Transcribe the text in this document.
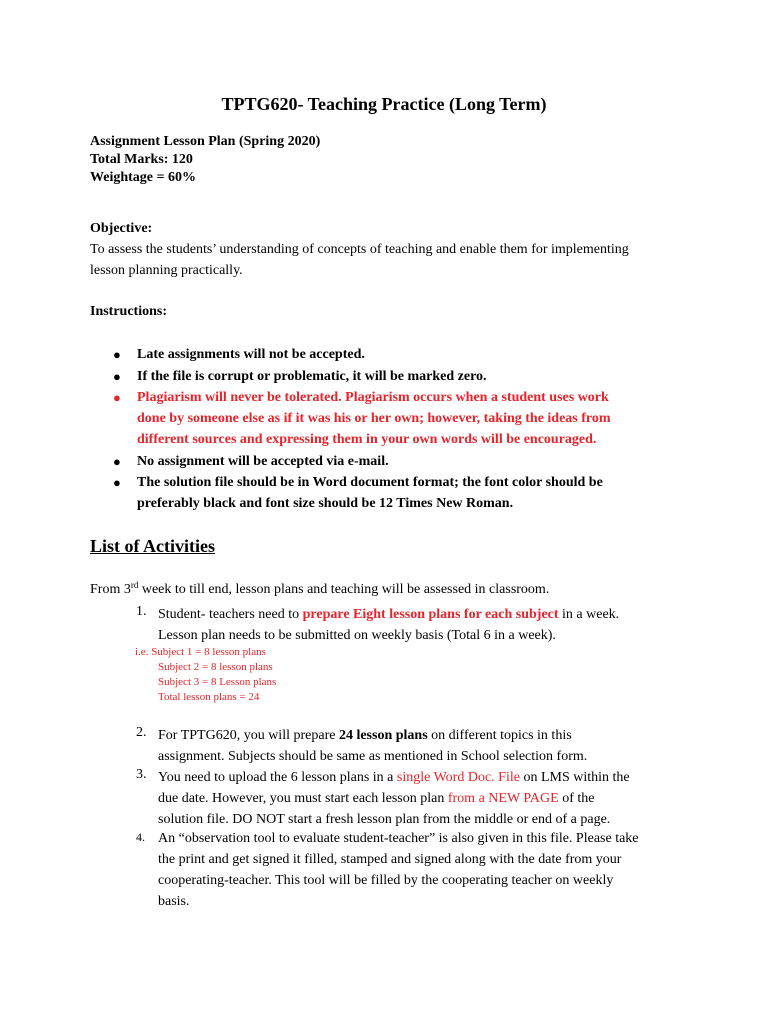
TPTG620- Teaching Practice (Long Term)
Assignment Lesson Plan (Spring 2020)
Total Marks: 120
Weightage = 60%
Objective:
To assess the students’ understanding of concepts of teaching and enable them for implementing
lesson planning practically.
Instructions:
● Late assignments will not be accepted.
● If the file is corrupt or problematic, it will be marked zero.
● Plagiarism will never be tolerated. Plagiarism occurs when a student uses work
done by someone else as if it was his or her own; however, taking the ideas from
different sources and expressing them in your own words will be encouraged.
● No assignment will be accepted via e-mail.
● The solution file should be in Word document format; the font color should be
preferably black and font size should be 12 Times New Roman.
List of Activities
From 3rd week to till end, lesson plans and teaching will be assessed in classroom.
1. Student- teachers need to prepare Eight lesson plans for each subject in a week.
Lesson plan needs to be submitted on weekly basis (Total 6 in a week).
i.e. Subject 1 = 8 lesson plans
Subject 2 = 8 lesson plans
Subject 3 = 8 Lesson plans
Total lesson plans = 24
2. For TPTG620, you will prepare 24 lesson plans on different topics in this
assignment. Subjects should be same as mentioned in School selection form.
3. You need to upload the 6 lesson plans in a single Word Doc. File on LMS within the
due date. However, you must start each lesson plan from a NEW PAGE of the
solution file. DO NOT start a fresh lesson plan from the middle or end of a page.
4. An “observation tool to evaluate student-teacher” is also given in this file. Please take
the print and get signed it filled, stamped and signed along with the date from your
cooperating-teacher. This tool will be filled by the cooperating teacher on weekly
basis.
